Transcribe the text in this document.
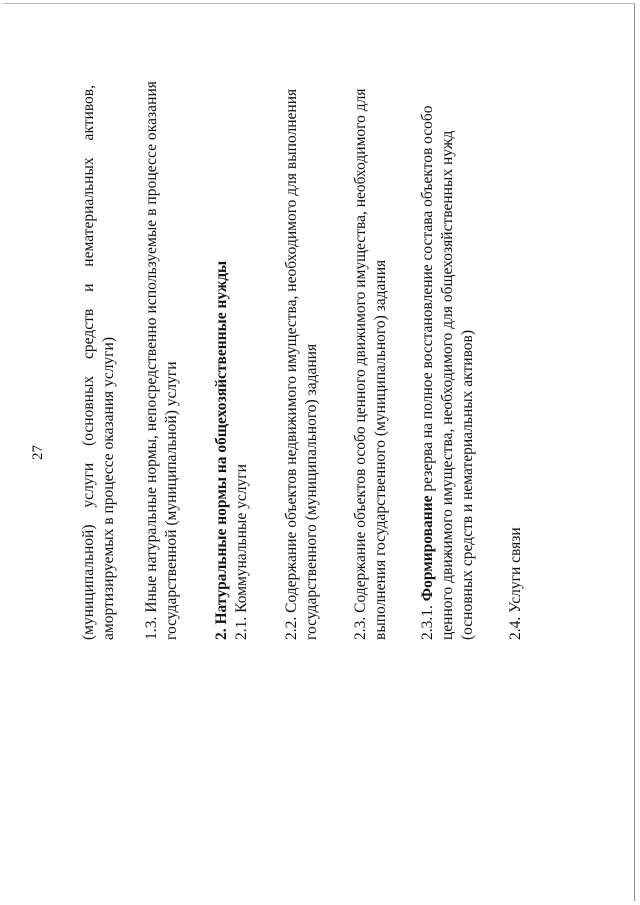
27
(муниципальной)
услуги
(основных
средств
и
нематериальных
активов,
амортизируемых в процессе оказания услуги) 1.3. Иные натуральные нормы, непосредственно используемые в процессе оказания государственной (муниципальной) услуги 2. Натуральные нормы на общехозяйственные нужды 2.1. Коммунальные услуги 2.2. Содержание объектов недвижимого имущества, необходимого для выполнения государственного (муниципального) задания 2.3. Содержание объектов особо ценного движимого имущества, необходимого для выполнения государственного (муниципального) задания 2.3.1. Формирование резерва на полное восстановление состава объектов особо ценного движимого имущества, необходимого для общехозяйственных нужд (основных средств и нематериальных активов) 2.4. Услуги связи
